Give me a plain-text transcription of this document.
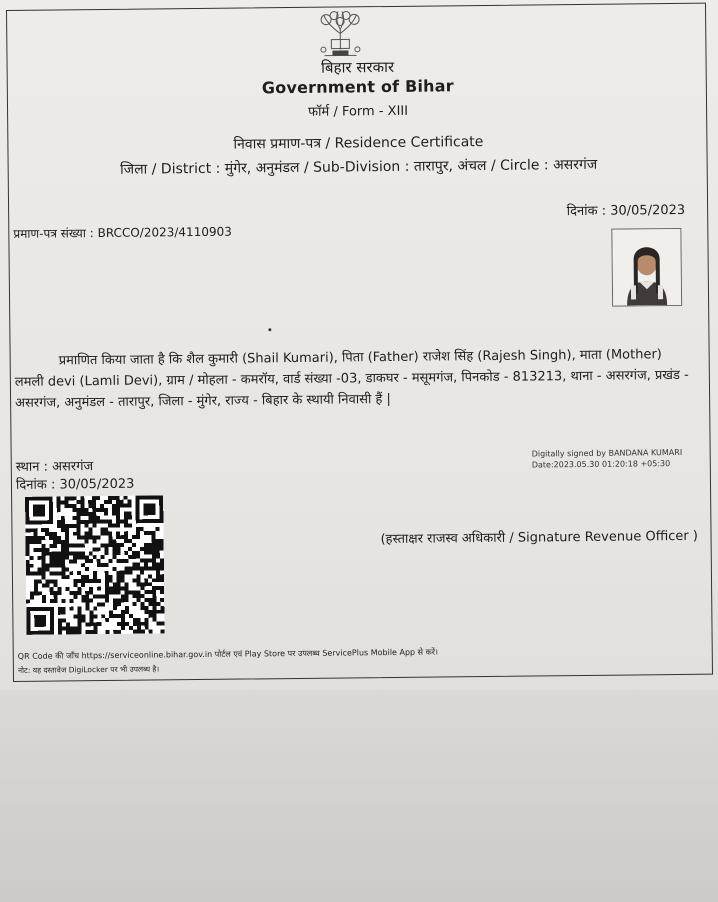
बिहार सरकार
Government of Bihar
फॉर्म / Form - XIII
निवास प्रमाण-पत्र / Residence Certificate
जिला / District : मुंगेर, अनुमंडल / Sub-Division : तारापुर, अंचल / Circle : असरगंज
दिनांक : 30/05/2023
प्रमाण-पत्र संख्या : BRCCO/2023/4110903
प्रमाणित किया जाता है कि शैल कुमारी (Shail Kumari), पिता (Father) राजेश सिंह (Rajesh Singh), माता (Mother) लमली devi (Lamli Devi), ग्राम / मोहला - कमरॉय, वार्ड संख्या -03, डाकघर - मसूमगंज, पिनकोड - 813213, थाना - असरगंज, प्रखंड - असरगंज, अनुमंडल - तारापुर, जिला - मुंगेर, राज्य - बिहार के स्थायी निवासी हैं |
स्थान : असरगंज
दिनांक : 30/05/2023
Digitally signed by BANDANA KUMARI
Date:2023.05.30 01:20:18 +05:30
(हस्ताक्षर राजस्व अधिकारी / Signature Revenue Officer )
QR Code की जाँच https://serviceonline.bihar.gov.in पोर्टल एवं Play Store पर उपलब्ध ServicePlus Mobile App से करें।
नोट: यह दस्तावेज DigiLocker पर भी उपलब्ध है।
